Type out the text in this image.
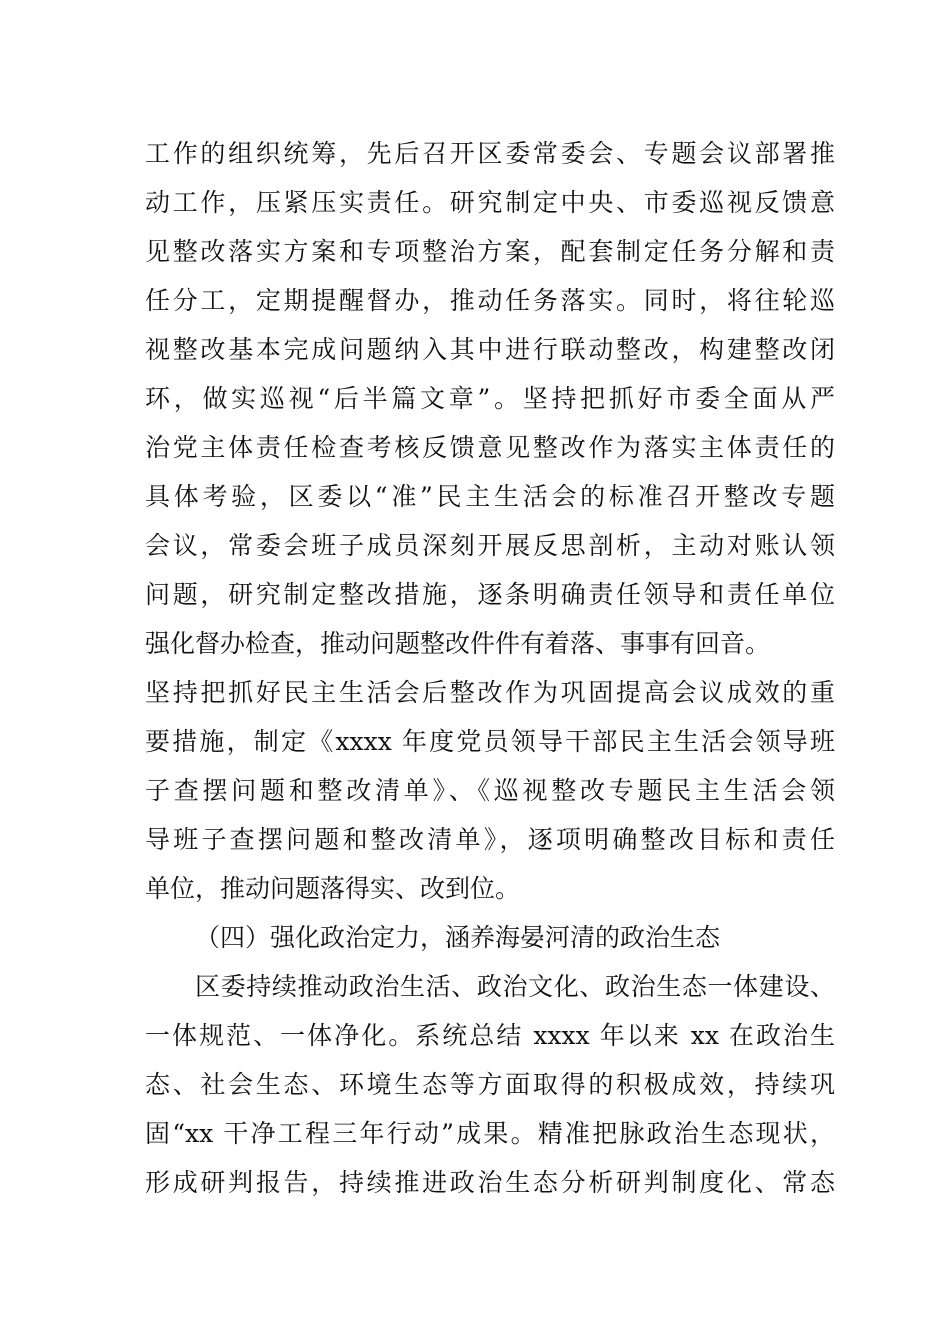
工作的组织统筹，先后召开区委常委会、专题会议部署推
动工作，压紧压实责任。研究制定中央、市委巡视反馈意
见整改落实方案和专项整治方案，配套制定任务分解和责
任分工，定期提醒督办，推动任务落实。同时，将往轮巡
视整改基本完成问题纳入其中进行联动整改，构建整改闭
环，做实巡视“后半篇文章”。坚持把抓好市委全面从严
治党主体责任检查考核反馈意见整改作为落实主体责任的
具体考验，区委以“准”民主生活会的标准召开整改专题
会议，常委会班子成员深刻开展反思剖析，主动对账认领
问题，研究制定整改措施，逐条明确责任领导和责任单位
强化督办检查，推动问题整改件件有着落、事事有回音。
坚持把抓好民主生活会后整改作为巩固提高会议成效的重
要措施，制定《xxxx 年度党员领导干部民主生活会领导班
子查摆问题和整改清单》、《巡视整改专题民主生活会领
导班子查摆问题和整改清单》，逐项明确整改目标和责任
单位，推动问题落得实、改到位。
（四）强化政治定力，涵养海晏河清的政治生态
区委持续推动政治生活、政治文化、政治生态一体建设、
一体规范、一体净化。系统总结 xxxx 年以来 xx 在政治生
态、社会生态、环境生态等方面取得的积极成效，持续巩
固“xx 干净工程三年行动”成果。精准把脉政治生态现状，
形成研判报告，持续推进政治生态分析研判制度化、常态
